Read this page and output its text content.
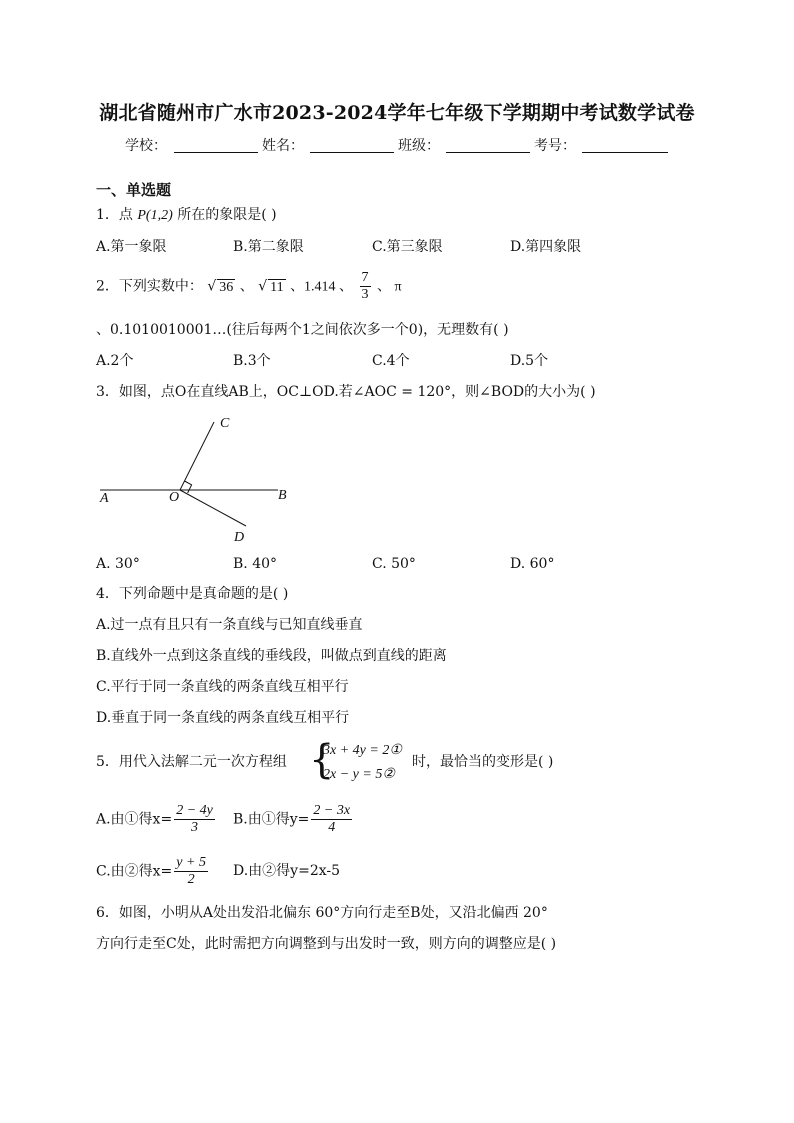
湖北省随州市广水市2023-2024学年七年级下学期期中考试数学试卷
学校：	姓名：	班级：	考号：
一、单选题
1．点 P(1,2) 所在的象限是( )
A.第一象限	B.第二象限	C.第三象限	D.第四象限
2．下列实数中： √ 36 、 √ 11 、1.414 、 $\frac{7}{3}$ 、 π
、0.1010010001…(往后每两个1之间依次多一个0)，无理数有( )
A.2个	B.3个	C.4个	D.5个
3．如图，点O在直线AB上，OC⊥OD.若∠AOC = 120°，则∠BOD的大小为( )
A	O	B
C
D
A. 30°	B. 40°	C. 50°	D. 60°
4．下列命题中是真命题的是( )
A.过一点有且只有一条直线与已知直线垂直
B.直线外一点到这条直线的垂线段，叫做点到直线的距离
C.平行于同一条直线的两条直线互相平行
D.垂直于同一条直线的两条直线互相平行
5．用代入法解二元一次方程组 {
3x + 4y = 2①
2x − y = 5②
时，最恰当的变形是( )
A.由①得$x= \frac{2 - 4y}{3} B$.由①得$y= \frac{2 - 3x}{4}$
C.由②得$x= \frac{y + 5}{2} D$.由②得y=2x-5
6．如图，小明从A处出发沿北偏东 60°方向行走至B处，又沿北偏西 20°
方向行走至C处，此时需把方向调整到与出发时一致，则方向的调整应是( )
